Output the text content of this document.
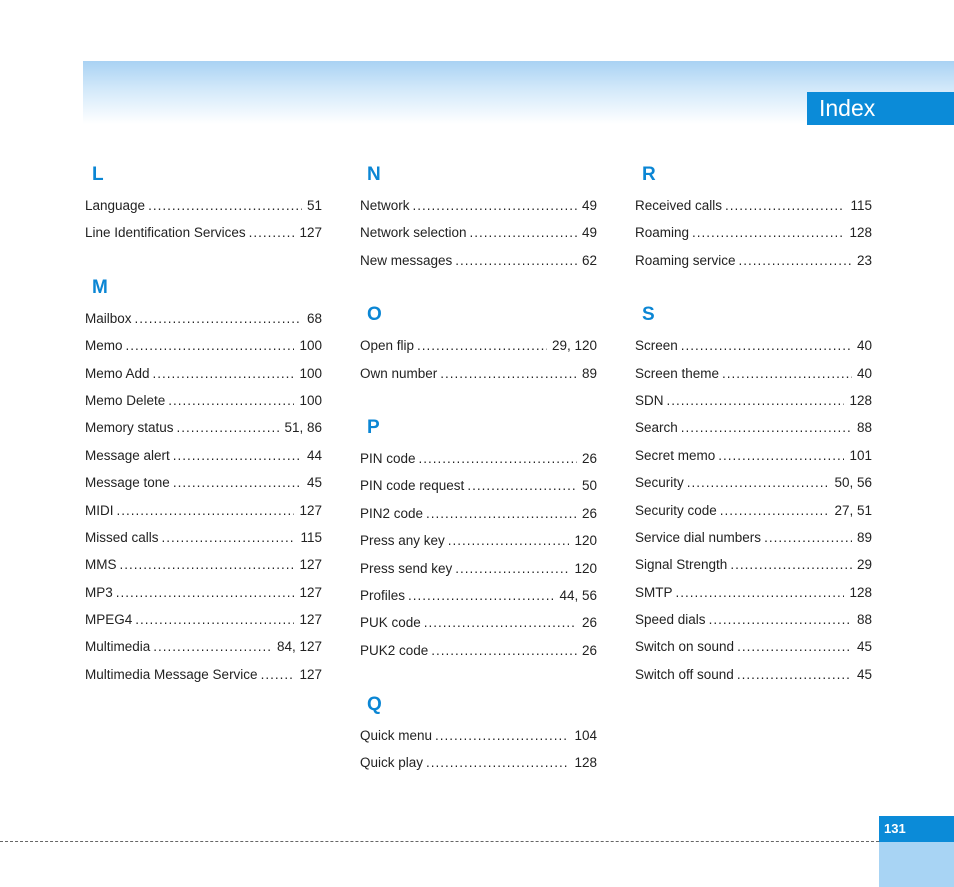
Index
L
Language .....	51
Line Identification Services .....	127
M
Mailbox .....	68
Memo .....	100
Memo Add .....	100
Memo Delete .....	100
Memory status .....	51, 86
Message alert .....	44
Message tone .....	45
MIDI .....	127
Missed calls .....	115
MMS .....	127
MP3 .....	127
MPEG4 .....	127
Multimedia .....	84, 127
Multimedia Message Service .....	127
N
Network .....	49
Network selection .....	49
New messages .....	62
O
Open flip .....	29, 120
Own number .....	89
P
PIN code .....	26
PIN code request .....	50
PIN2 code .....	26
Press any key .....	120
Press send key .....	120
Profiles .....	44, 56
PUK code .....	26
PUK2 code .....	26
Q
Quick menu .....	104
Quick play .....	128
R
Received calls .....	115
Roaming .....	128
Roaming service .....	23
S
Screen .....	40
Screen theme .....	40
SDN .....	128
Search .....	88
Secret memo .....	101
Security .....	50, 56
Security code .....	27, 51
Service dial numbers .....	89
Signal Strength .....	29
SMTP .....	128
Speed dials .....	88
Switch on sound .....	45
Switch off sound .....	45
131
